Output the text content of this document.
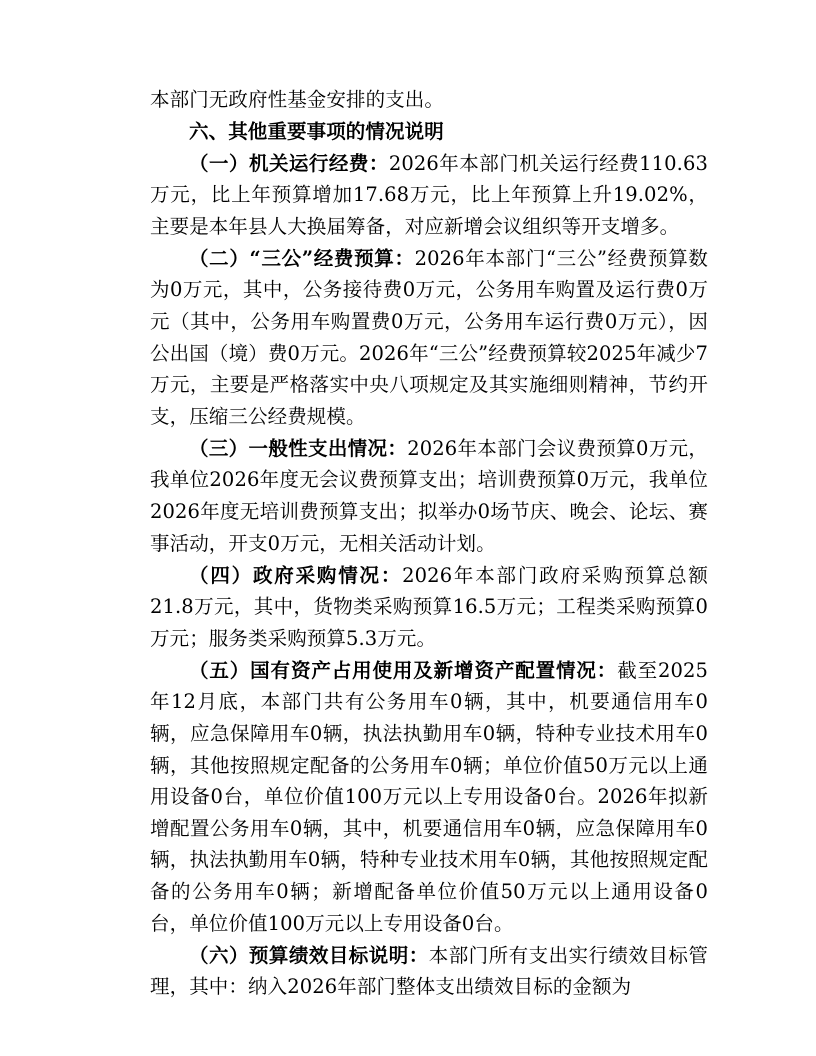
本部门无政府性基金安排的支出。

六、其他重要事项的情况说明

（一）机关运行经费：2026年本部门机关运行经费110.63万元，比上年预算增加17.68万元，比上年预算上升19.02%，主要是本年县人大换届筹备，对应新增会议组织等开支增多。

（二）“三公”经费预算：2026年本部门“三公”经费预算数为0万元，其中，公务接待费0万元，公务用车购置及运行费0万元（其中，公务用车购置费0万元，公务用车运行费0万元），因公出国（境）费0万元。2026年“三公”经费预算较2025年减少7万元，主要是严格落实中央八项规定及其实施细则精神，节约开支，压缩三公经费规模。

（三）一般性支出情况：2026年本部门会议费预算0万元，我单位2026年度无会议费预算支出；培训费预算0万元，我单位2026年度无培训费预算支出；拟举办0场节庆、晚会、论坛、赛事活动，开支0万元，无相关活动计划。

（四）政府采购情况：2026年本部门政府采购预算总额21.8万元，其中，货物类采购预算16.5万元；工程类采购预算0万元；服务类采购预算5.3万元。

（五）国有资产占用使用及新增资产配置情况：截至2025年12月底，本部门共有公务用车0辆，其中，机要通信用车0辆，应急保障用车0辆，执法执勤用车0辆，特种专业技术用车0辆，其他按照规定配备的公务用车0辆；单位价值50万元以上通用设备0台，单位价值100万元以上专用设备0台。2026年拟新增配置公务用车0辆，其中，机要通信用车0辆，应急保障用车0辆，执法执勤用车0辆，特种专业技术用车0辆，其他按照规定配备的公务用车0辆；新增配备单位价值50万元以上通用设备0台，单位价值100万元以上专用设备0台。

（六）预算绩效目标说明：本部门所有支出实行绩效目标管理，其中：纳入2026年部门整体支出绩效目标的金额为
